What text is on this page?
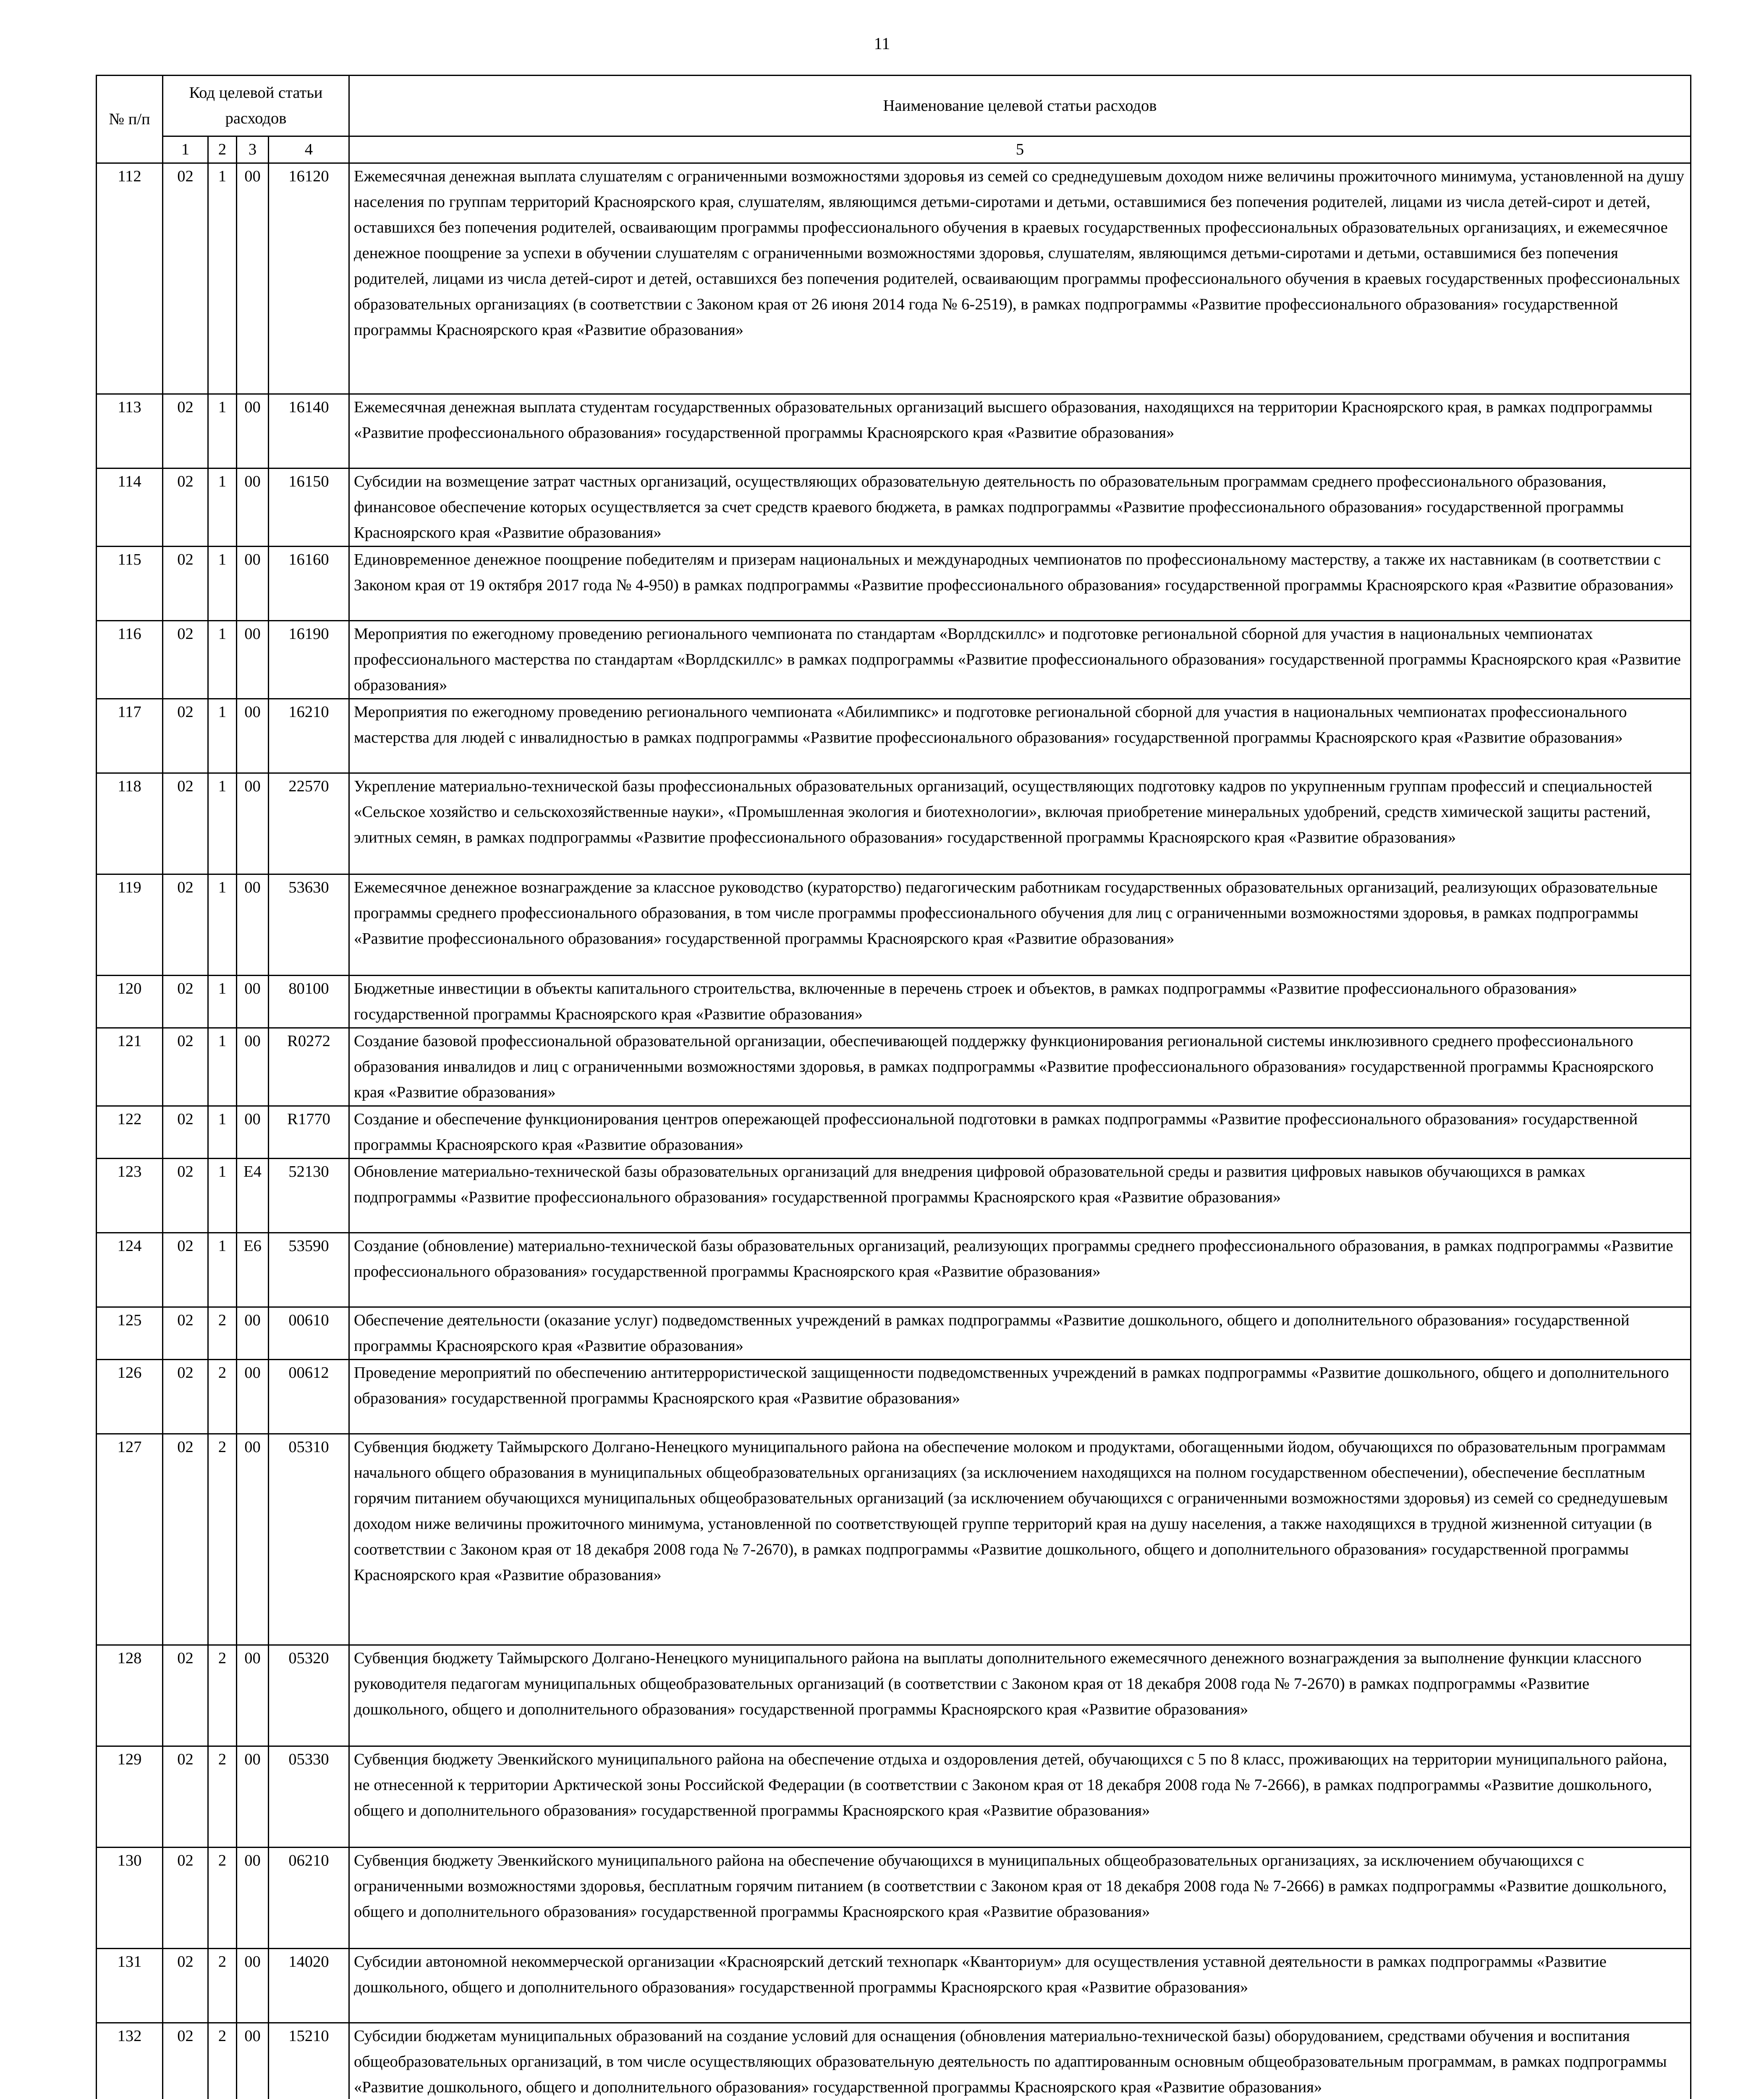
11
№ п/п	Код целевой статьи расходов				Наименование целевой статьи расходов
	1	2	3	4	5
112	02	1	00	16120	Ежемесячная денежная выплата слушателям с ограниченными возможностями здоровья из семей со среднедушевым доходом ниже величины прожиточного минимума, установленной на душу населения по группам территорий Красноярского края, слушателям, являющимся детьми-сиротами и детьми, оставшимися без попечения родителей, лицами из числа детей-сирот и детей, оставшихся без попечения родителей, осваивающим программы профессионального обучения в краевых государственных профессиональных образовательных организациях, и ежемесячное денежное поощрение за успехи в обучении слушателям с ограниченными возможностями здоровья, слушателям, являющимся детьми-сиротами и детьми, оставшимися без попечения родителей, лицами из числа детей-сирот и детей, оставшихся без попечения родителей, осваивающим программы профессионального обучения в краевых государственных профессиональных образовательных организациях (в соответствии с Законом края от 26 июня 2014 года № 6-2519), в рамках подпрограммы «Развитие профессионального образования» государственной программы Красноярского края «Развитие образования»
113	02	1	00	16140	Ежемесячная денежная выплата студентам государственных образовательных организаций высшего образования, находящихся на территории Красноярского края, в рамках подпрограммы «Развитие профессионального образования» государственной программы Красноярского края «Развитие образования»
114	02	1	00	16150	Субсидии на возмещение затрат частных организаций, осуществляющих образовательную деятельность по образовательным программам среднего профессионального образования, финансовое обеспечение которых осуществляется за счет средств краевого бюджета, в рамках подпрограммы «Развитие профессионального образования» государственной программы Красноярского края «Развитие образования»
115	02	1	00	16160	Единовременное денежное поощрение победителям и призерам национальных и международных чемпионатов по профессиональному мастерству, а также их наставникам (в соответствии с Законом края от 19 октября 2017 года № 4-950) в рамках подпрограммы «Развитие профессионального образования» государственной программы Красноярского края «Развитие образования»
116	02	1	00	16190	Мероприятия по ежегодному проведению регионального чемпионата по стандартам «Ворлдскиллс» и подготовке региональной сборной для участия в национальных чемпионатах профессионального мастерства по стандартам «Ворлдскиллс» в рамках подпрограммы «Развитие профессионального образования» государственной программы Красноярского края «Развитие образования»
117	02	1	00	16210	Мероприятия по ежегодному проведению регионального чемпионата «Абилимпикс» и подготовке региональной сборной для участия в национальных чемпионатах профессионального мастерства для людей с инвалидностью в рамках подпрограммы «Развитие профессионального образования» государственной программы Красноярского края «Развитие образования»
118	02	1	00	22570	Укрепление материально-технической базы профессиональных образовательных организаций, осуществляющих подготовку кадров по укрупненным группам профессий и специальностей «Сельское хозяйство и сельскохозяйственные науки», «Промышленная экология и биотехнологии», включая приобретение минеральных удобрений, средств химической защиты растений, элитных семян, в рамках подпрограммы «Развитие профессионального образования» государственной программы Красноярского края «Развитие образования»
119	02	1	00	53630	Ежемесячное денежное вознаграждение за классное руководство (кураторство) педагогическим работникам государственных образовательных организаций, реализующих образовательные программы среднего профессионального образования, в том числе программы профессионального обучения для лиц с ограниченными возможностями здоровья, в рамках подпрограммы «Развитие профессионального образования» государственной программы Красноярского края «Развитие образования»
120	02	1	00	80100	Бюджетные инвестиции в объекты капитального строительства, включенные в перечень строек и объектов, в рамках подпрограммы «Развитие профессионального образования» государственной программы Красноярского края «Развитие образования»
121	02	1	00	R0272	Создание базовой профессиональной образовательной организации, обеспечивающей поддержку функционирования региональной системы инклюзивного среднего профессионального образования инвалидов и лиц с ограниченными возможностями здоровья, в рамках подпрограммы «Развитие профессионального образования» государственной программы Красноярского края «Развитие образования»
122	02	1	00	R1770	Создание и обеспечение функционирования центров опережающей профессиональной подготовки в рамках подпрограммы «Развитие профессионального образования» государственной программы Красноярского края «Развитие образования»
123	02	1	E4	52130	Обновление материально-технической базы образовательных организаций для внедрения цифровой образовательной среды и развития цифровых навыков обучающихся в рамках подпрограммы «Развитие профессионального образования» государственной программы Красноярского края «Развитие образования»
124	02	1	E6	53590	Создание (обновление) материально-технической базы образовательных организаций, реализующих программы среднего профессионального образования, в рамках подпрограммы «Развитие профессионального образования» государственной программы Красноярского края «Развитие образования»
125	02	2	00	00610	Обеспечение деятельности (оказание услуг) подведомственных учреждений в рамках подпрограммы «Развитие дошкольного, общего и дополнительного образования» государственной программы Красноярского края «Развитие образования»
126	02	2	00	00612	Проведение мероприятий по обеспечению антитеррористической защищенности подведомственных учреждений в рамках подпрограммы «Развитие дошкольного, общего и дополнительного образования» государственной программы Красноярского края «Развитие образования»
127	02	2	00	05310	Субвенция бюджету Таймырского Долгано-Ненецкого муниципального района на обеспечение молоком и продуктами, обогащенными йодом, обучающихся по образовательным программам начального общего образования в муниципальных общеобразовательных организациях (за исключением находящихся на полном государственном обеспечении), обеспечение бесплатным горячим питанием обучающихся муниципальных общеобразовательных организаций (за исключением обучающихся с ограниченными возможностями здоровья) из семей со среднедушевым доходом ниже величины прожиточного минимума, установленной по соответствующей группе территорий края на душу населения, а также находящихся в трудной жизненной ситуации (в соответствии с Законом края от 18 декабря 2008 года № 7-2670), в рамках подпрограммы «Развитие дошкольного, общего и дополнительного образования» государственной программы Красноярского края «Развитие образования»
128	02	2	00	05320	Субвенция бюджету Таймырского Долгано-Ненецкого муниципального района на выплаты дополнительного ежемесячного денежного вознаграждения за выполнение функции классного руководителя педагогам муниципальных общеобразовательных организаций (в соответствии с Законом края от 18 декабря 2008 года № 7-2670) в рамках подпрограммы «Развитие дошкольного, общего и дополнительного образования» государственной программы Красноярского края «Развитие образования»
129	02	2	00	05330	Субвенция бюджету Эвенкийского муниципального района на обеспечение отдыха и оздоровления детей, обучающихся с 5 по 8 класс, проживающих на территории муниципального района, не отнесенной к территории Арктической зоны Российской Федерации (в соответствии с Законом края от 18 декабря 2008 года № 7-2666), в рамках подпрограммы «Развитие дошкольного, общего и дополнительного образования» государственной программы Красноярского края «Развитие образования»
130	02	2	00	06210	Субвенция бюджету Эвенкийского муниципального района на обеспечение обучающихся в муниципальных общеобразовательных организациях, за исключением обучающихся с ограниченными возможностями здоровья, бесплатным горячим питанием (в соответствии с Законом края от 18 декабря 2008 года № 7-2666) в рамках подпрограммы «Развитие дошкольного, общего и дополнительного образования» государственной программы Красноярского края «Развитие образования»
131	02	2	00	14020	Субсидии автономной некоммерческой организации «Красноярский детский технопарк «Кванториум» для осуществления уставной деятельности в рамках подпрограммы «Развитие дошкольного, общего и дополнительного образования» государственной программы Красноярского края «Развитие образования»
132	02	2	00	15210	Субсидии бюджетам муниципальных образований на создание условий для оснащения (обновления материально-технической базы) оборудованием, средствами обучения и воспитания общеобразовательных организаций, в том числе осуществляющих образовательную деятельность по адаптированным основным общеобразовательным программам, в рамках подпрограммы «Развитие дошкольного, общего и дополнительного образования» государственной программы Красноярского края «Развитие образования»
